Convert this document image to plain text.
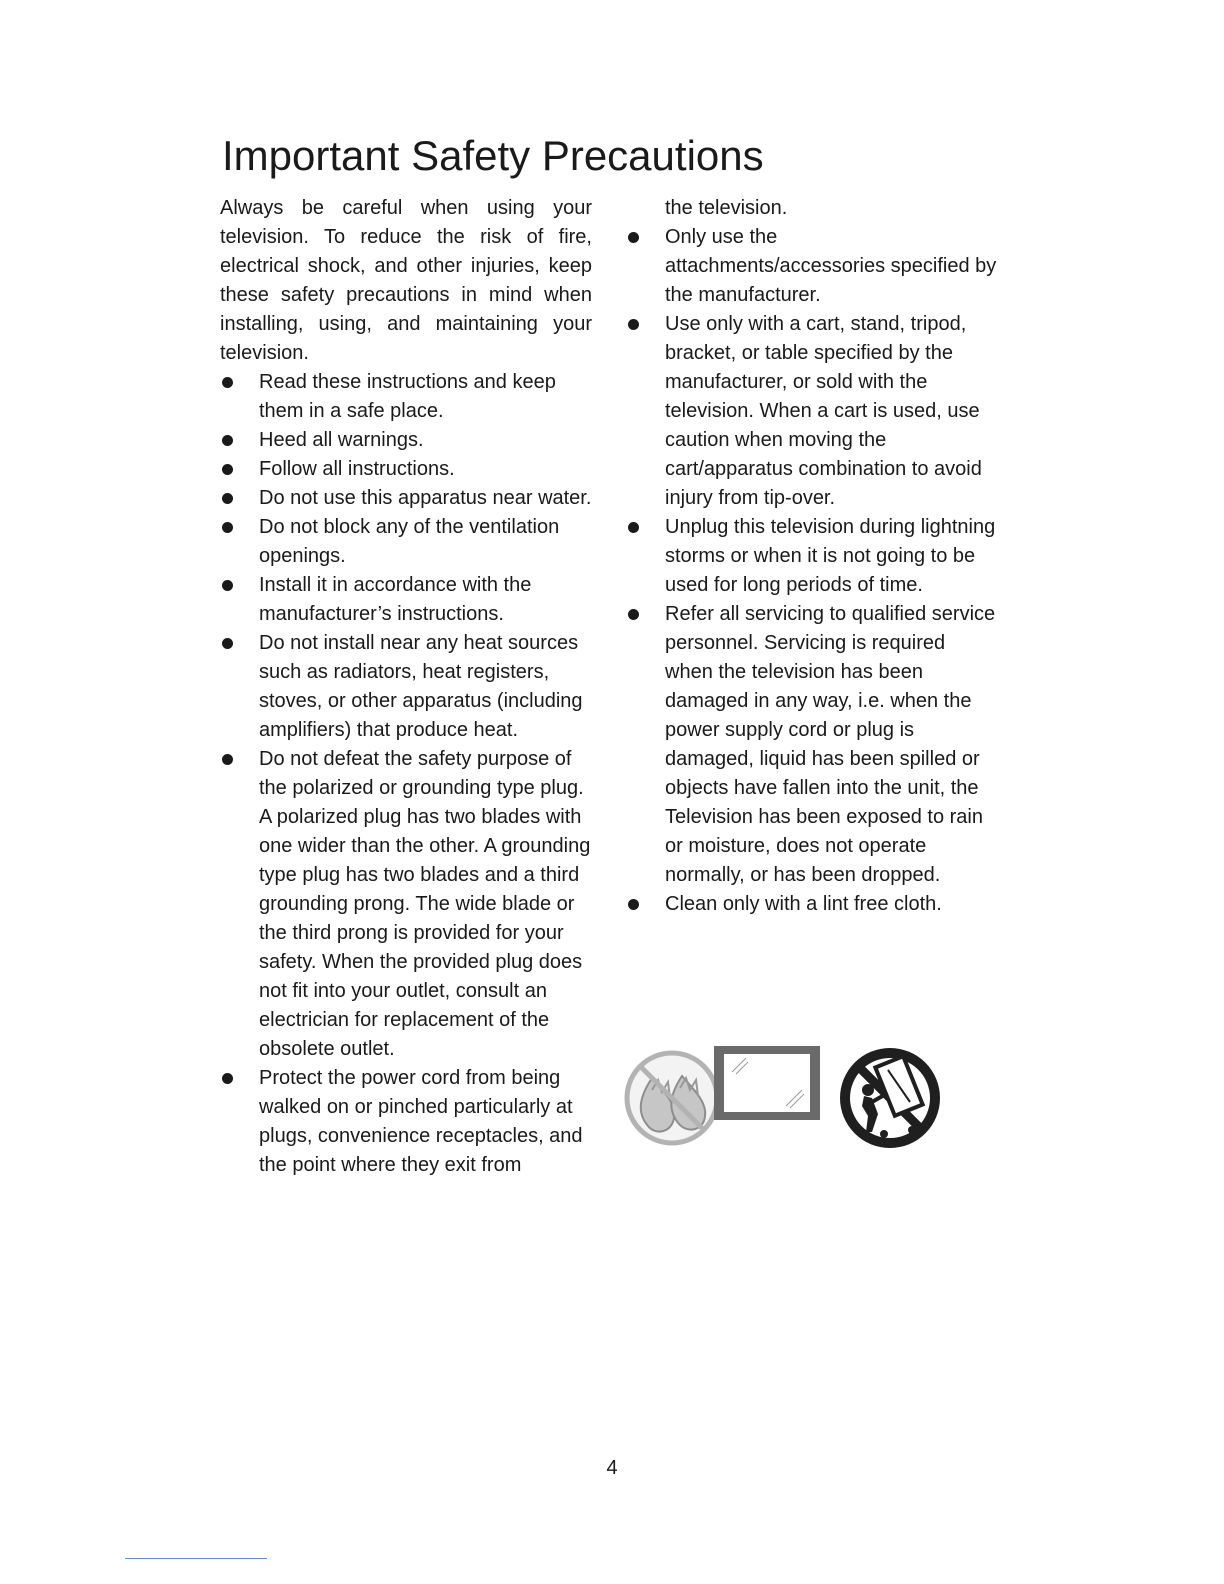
Important Safety Precautions

Always be careful when using your television. To reduce the risk of fire, electrical shock, and other injuries, keep these safety precautions in mind when installing, using, and maintaining your television.

Read these instructions and keep them in a safe place.
Heed all warnings.
Follow all instructions.
Do not use this apparatus near water.
Do not block any of the ventilation openings.
Install it in accordance with the manufacturer’s instructions.
Do not install near any heat sources such as radiators, heat registers, stoves, or other apparatus (including amplifiers) that produce heat.
Do not defeat the safety purpose of the polarized or grounding type plug. A polarized plug has two blades with one wider than the other. A grounding type plug has two blades and a third grounding prong. The wide blade or the third prong is provided for your safety. When the provided plug does not fit into your outlet, consult an electrician for replacement of the obsolete outlet.
Protect the power cord from being walked on or pinched particularly at plugs, convenience receptacles, and the point where they exit from

the television.

Only use the attachments/accessories specified by the manufacturer.
Use only with a cart, stand, tripod, bracket, or table specified by the manufacturer, or sold with the television. When a cart is used, use caution when moving the cart/apparatus combination to avoid injury from tip-over.
Unplug this television during lightning storms or when it is not going to be used for long periods of time.
Refer all servicing to qualified service personnel. Servicing is required when the television has been damaged in any way, i.e. when the power supply cord or plug is damaged, liquid has been spilled or objects have fallen into the unit, the Television has been exposed to rain or moisture, does not operate normally, or has been dropped.
Clean only with a lint free cloth.
4
